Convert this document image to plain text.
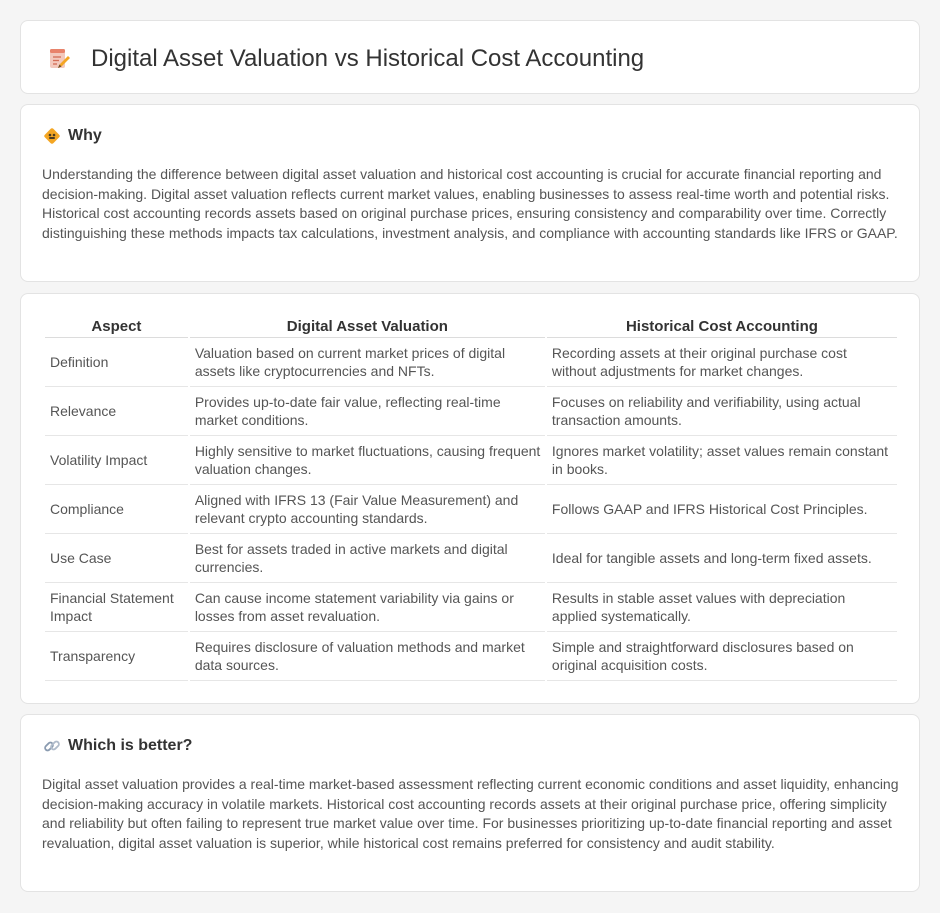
Digital Asset Valuation vs Historical Cost Accounting
Why

Understanding the difference between digital asset valuation and historical cost accounting is crucial for accurate financial reporting and decision-making. Digital asset valuation reflects current market values, enabling businesses to assess real-time worth and potential risks. Historical cost accounting records assets based on original purchase prices, ensuring consistency and comparability over time. Correctly distinguishing these methods impacts tax calculations, investment analysis, and compliance with accounting standards like IFRS or GAAP.

Aspect	Digital Asset Valuation	Historical Cost Accounting
Definition	Valuation based on current market prices of digital assets like cryptocurrencies and NFTs.	Recording assets at their original purchase cost without adjustments for market changes.
Relevance	Provides up-to-date fair value, reflecting real-time market conditions.	Focuses on reliability and verifiability, using actual transaction amounts.
Volatility Impact	Highly sensitive to market fluctuations, causing frequent valuation changes.	Ignores market volatility; asset values remain constant in books.
Compliance	Aligned with IFRS 13 (Fair Value Measurement) and relevant crypto accounting standards.	Follows GAAP and IFRS Historical Cost Principles.
Use Case	Best for assets traded in active markets and digital currencies.	Ideal for tangible assets and long-term fixed assets.
Financial Statement Impact	Can cause income statement variability via gains or losses from asset revaluation.	Results in stable asset values with depreciation applied systematically.
Transparency	Requires disclosure of valuation methods and market data sources.	Simple and straightforward disclosures based on original acquisition costs.
Which is better?

Digital asset valuation provides a real-time market-based assessment reflecting current economic conditions and asset liquidity, enhancing decision-making accuracy in volatile markets. Historical cost accounting records assets at their original purchase price, offering simplicity and reliability but often failing to represent true market value over time. For businesses prioritizing up-to-date financial reporting and asset revaluation, digital asset valuation is superior, while historical cost remains preferred for consistency and audit stability.
